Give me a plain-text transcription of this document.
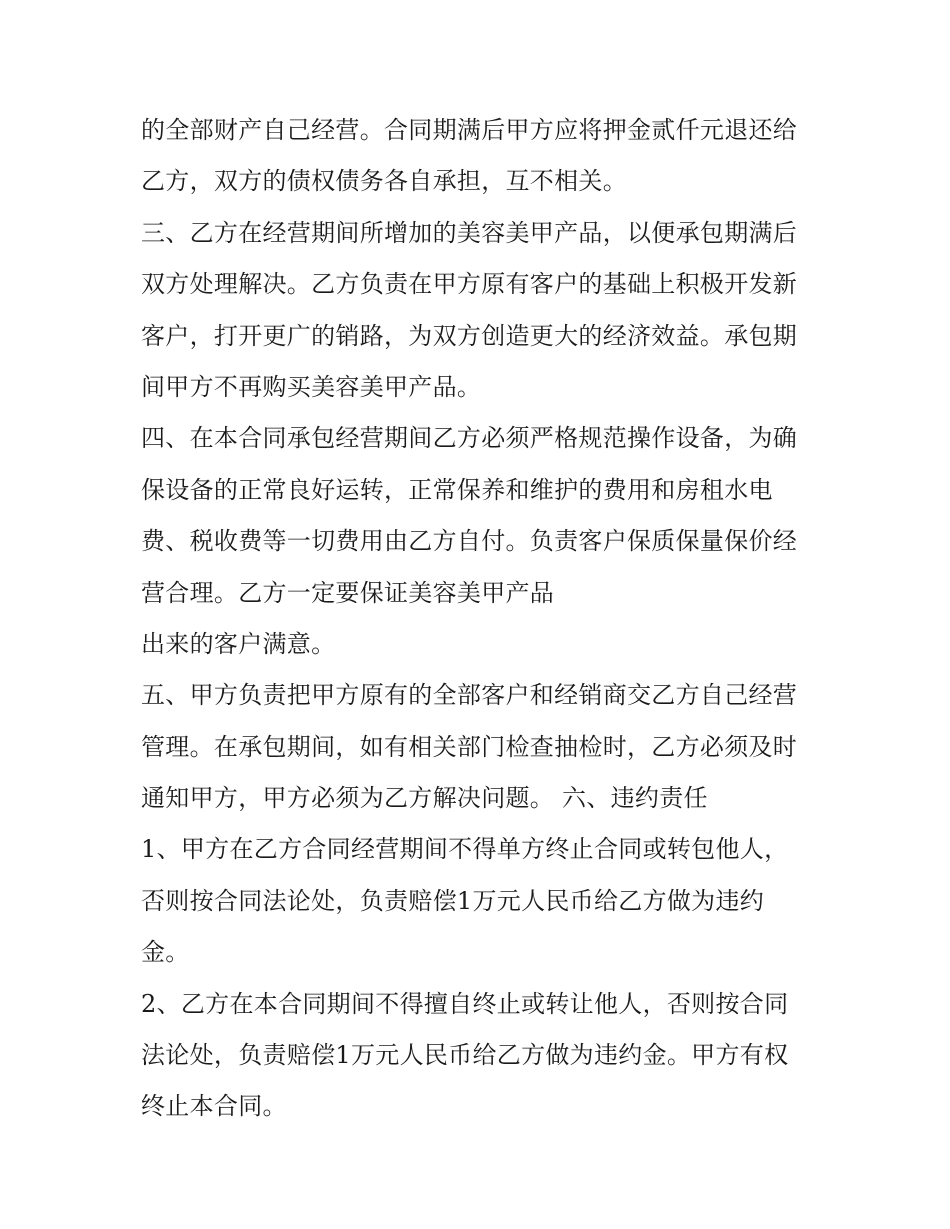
的全部财产自己经营。合同期满后甲方应将押金贰仟元退还给
乙方，双方的债权债务各自承担，互不相关。
三、乙方在经营期间所增加的美容美甲产品，以便承包期满后
双方处理解决。乙方负责在甲方原有客户的基础上积极开发新
客户，打开更广的销路，为双方创造更大的经济效益。承包期
间甲方不再购买美容美甲产品。
四、在本合同承包经营期间乙方必须严格规范操作设备，为确
保设备的正常良好运转，正常保养和维护的费用和房租水电
费、税收费等一切费用由乙方自付。负责客户保质保量保价经
营合理。乙方一定要保证美容美甲产品
出来的客户满意。
五、甲方负责把甲方原有的全部客户和经销商交乙方自己经营
管理。在承包期间，如有相关部门检查抽检时，乙方必须及时
通知甲方，甲方必须为乙方解决问题。 六、违约责任
1、甲方在乙方合同经营期间不得单方终止合同或转包他人，
否则按合同法论处，负责赔偿1万元人民币给乙方做为违约
金。
2、乙方在本合同期间不得擅自终止或转让他人，否则按合同
法论处，负责赔偿1万元人民币给乙方做为违约金。甲方有权
终止本合同。
